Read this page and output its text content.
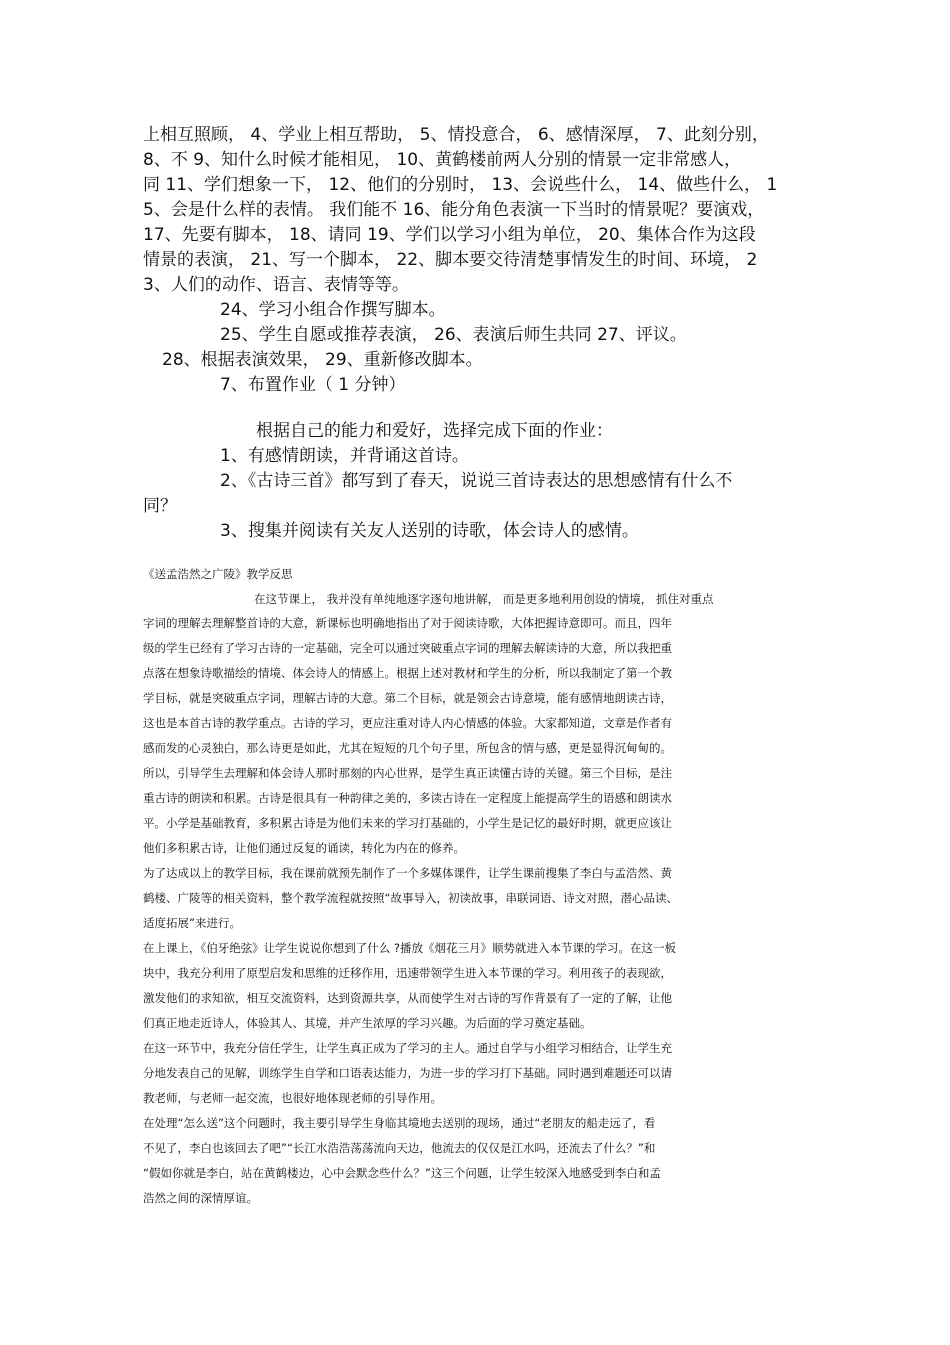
上相互照顾， 4、学业上相互帮助， 5、情投意合， 6、感情深厚， 7、此刻分别，
8、不 9、知什么时候才能相见， 10、黄鹤楼前两人分别的情景一定非常感人，
同 11、学们想象一下， 12、他们的分别时， 13、会说些什么， 14、做些什么， 1
5、会是什么样的表情。 我们能不 16、能分角色表演一下当时的情景呢？要演戏，
17、先要有脚本， 18、请同 19、学们以学习小组为单位， 20、集体合作为这段
情景的表演， 21、写一个脚本， 22、脚本要交待清楚事情发生的时间、环境， 2
3、人们的动作、语言、表情等等。
24、学习小组合作撰写脚本。
25、学生自愿或推荐表演， 26、表演后师生共同 27、评议。
28、根据表演效果， 29、重新修改脚本。
7、布置作业（ 1 分钟）
根据自己的能力和爱好，选择完成下面的作业：
1、有感情朗读，并背诵这首诗。
2、《古诗三首》都写到了春天，说说三首诗表达的思想感情有什么不
同？
3、搜集并阅读有关友人送别的诗歌，体会诗人的感情。
《送孟浩然之广陵》教学反思
在这节课上， 我并没有单纯地逐字逐句地讲解， 而是更多地利用创设的情境， 抓住对重点
字词的理解去理解整首诗的大意，新课标也明确地指出了对于阅读诗歌，大体把握诗意即可。而且，四年
级的学生已经有了学习古诗的一定基础，完全可以通过突破重点字词的理解去解读诗的大意，所以我把重
点落在想象诗歌描绘的情境、体会诗人的情感上。根据上述对教材和学生的分析，所以我制定了第一个教
学目标，就是突破重点字词，理解古诗的大意。第二个目标，就是领会古诗意境，能有感情地朗读古诗，
这也是本首古诗的教学重点。古诗的学习，更应注重对诗人内心情感的体验。大家都知道，文章是作者有
感而发的心灵独白，那么诗更是如此，尤其在短短的几个句子里，所包含的情与感，更是显得沉甸甸的。
所以，引导学生去理解和体会诗人那时那刻的内心世界，是学生真正读懂古诗的关键。第三个目标，是注
重古诗的朗读和积累。古诗是很具有一种韵律之美的，多读古诗在一定程度上能提高学生的语感和朗读水
平。小学是基础教育，多积累古诗是为他们未来的学习打基础的，小学生是记忆的最好时期，就更应该让
他们多积累古诗，让他们通过反复的诵读，转化为内在的修养。
为了达成以上的教学目标，我在课前就预先制作了一个多媒体课件，让学生课前搜集了李白与孟浩然、黄
鹤楼、广陵等的相关资料，整个教学流程就按照“故事导入，初读故事，串联词语、诗文对照，潜心品读、
适度拓展”来进行。
在上课上，《伯牙绝弦》让学生说说你想到了什么 ?播放《烟花三月》顺势就进入本节课的学习。在这一板
块中，我充分利用了原型启发和思维的迁移作用，迅速带领学生进入本节课的学习。利用孩子的表现欲，
激发他们的求知欲，相互交流资料，达到资源共享，从而使学生对古诗的写作背景有了一定的了解，让他
们真正地走近诗人，体验其人、其境，并产生浓厚的学习兴趣。为后面的学习奠定基础。
在这一环节中，我充分信任学生，让学生真正成为了学习的主人。通过自学与小组学习相结合，让学生充
分地发表自己的见解，训练学生自学和口语表达能力，为进一步的学习打下基础。同时遇到难题还可以请
教老师，与老师一起交流，也很好地体现老师的引导作用。
在处理“怎么送”这个问题时，我主要引导学生身临其境地去送别的现场，通过“老朋友的船走远了，看
不见了，李白也该回去了吧”“长江水浩浩荡荡流向天边，他流去的仅仅是江水吗，还流去了什么？”和
“假如你就是李白，站在黄鹤楼边，心中会默念些什么？”这三个问题，让学生较深入地感受到李白和孟
浩然之间的深情厚谊。
